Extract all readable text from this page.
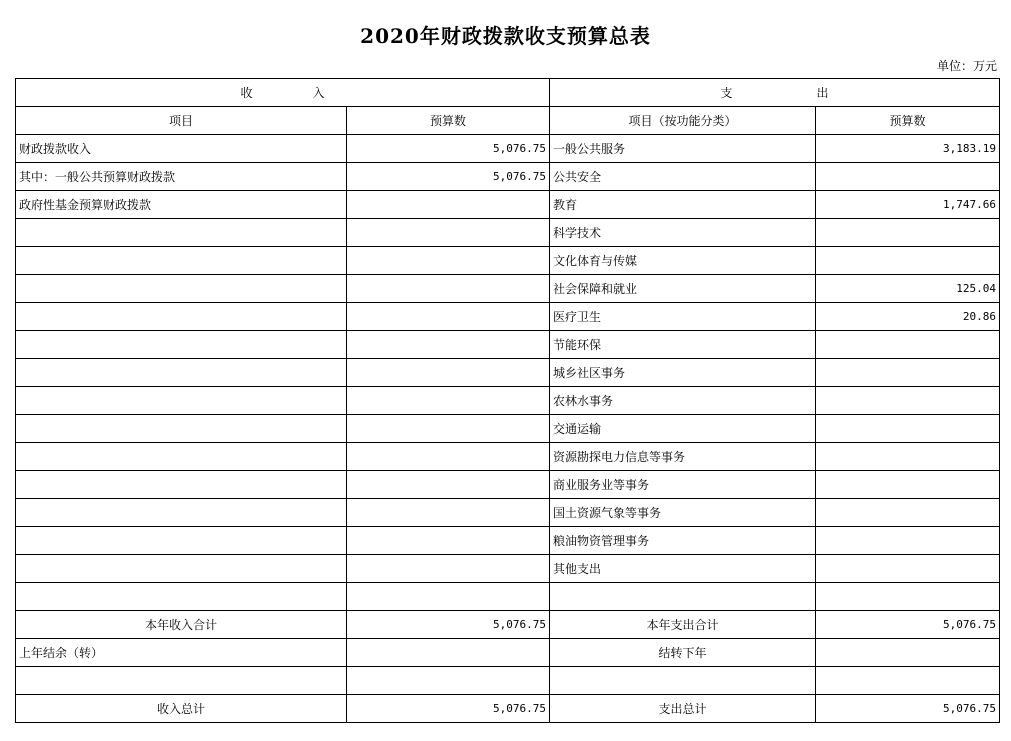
2020年财政拨款收支预算总表
单位：万元
收 入		支 出	
项目	预算数	项目（按功能分类）	预算数
财政拨款收入	5,076.75	一般公共服务	3,183.19
其中：一般公共预算财政拨款	5,076.75	公共安全	
政府性基金预算财政拨款		教育	1,747.66
		科学技术	
		文化体育与传媒	
		社会保障和就业	125.04
		医疗卫生	20.86
		节能环保	
		城乡社区事务	
		农林水事务	
		交通运输	
		资源勘探电力信息等事务	
		商业服务业等事务	
		国土资源气象等事务	
		粮油物资管理事务	
		其他支出	

本年收入合计	5,076.75	本年支出合计	5,076.75
上年结余（转）		结转下年	

收入总计	5,076.75	支出总计	5,076.75
